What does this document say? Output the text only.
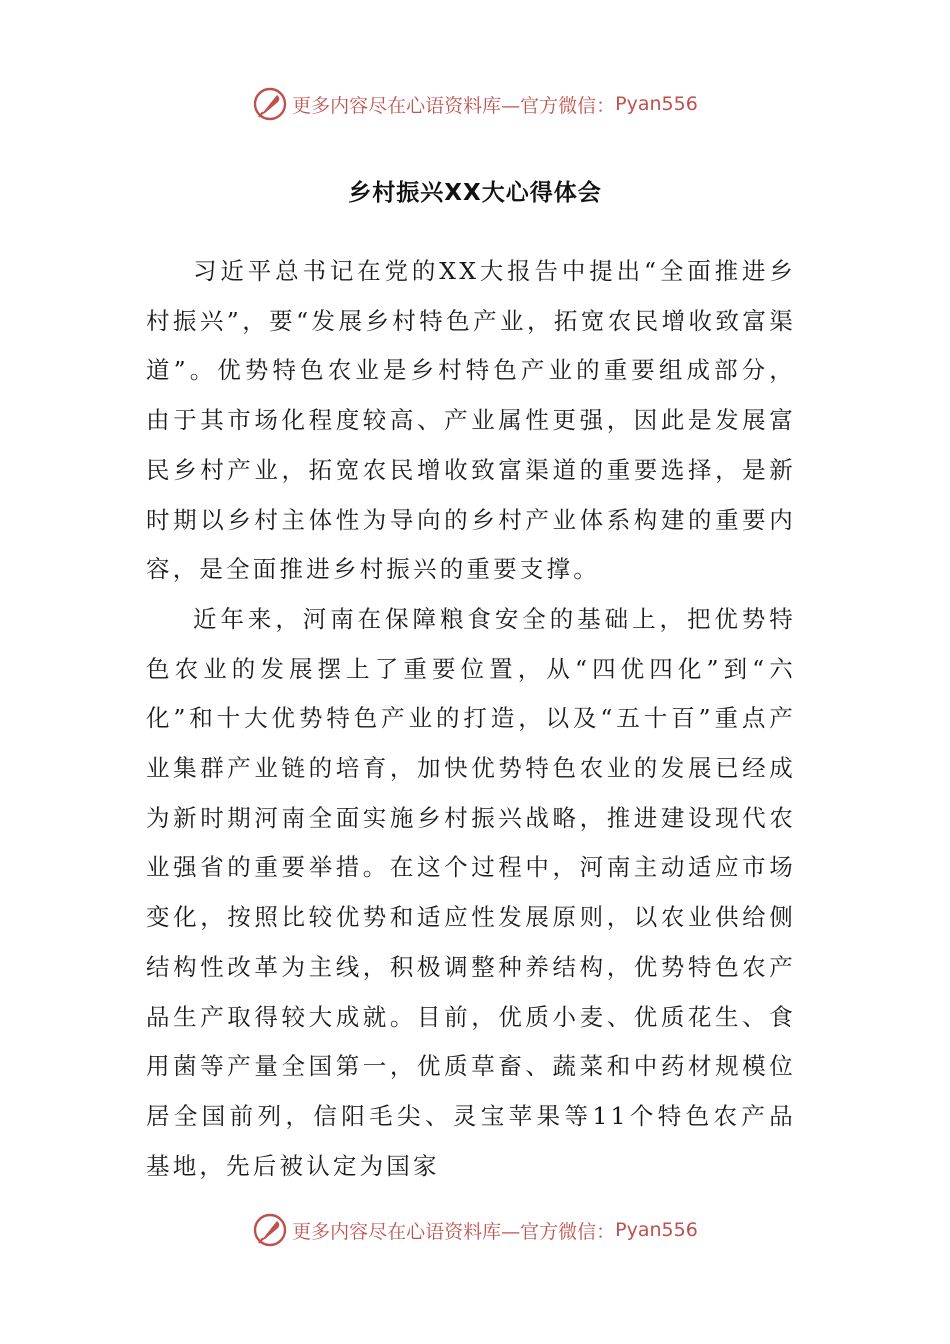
更多内容尽在心语资料库—官方微信： Pyan556
乡村振兴XX大心得体会

习近平总书记在党的XX大报告中提出“全面推进乡村振兴”，要“发展乡村特色产业，拓宽农民增收致富渠道”。优势特色农业是乡村特色产业的重要组成部分，由于其市场化程度较高、产业属性更强，因此是发展富民乡村产业，拓宽农民增收致富渠道的重要选择，是新时期以乡村主体性为导向的乡村产业体系构建的重要内容，是全面推进乡村振兴的重要支撑。

近年来，河南在保障粮食安全的基础上，把优势特色农业的发展摆上了重要位置，从“四优四化”到“六化”和十大优势特色产业的打造，以及“五十百”重点产业集群产业链的培育，加快优势特色农业的发展已经成为新时期河南全面实施乡村振兴战略，推进建设现代农业强省的重要举措。在这个过程中，河南主动适应市场变化，按照比较优势和适应性发展原则，以农业供给侧结构性改革为主线，积极调整种养结构，优势特色农产品生产取得较大成就。目前，优质小麦、优质花生、食用菌等产量全国第一，优质草畜、蔬菜和中药材规模位居全国前列，信阳毛尖、灵宝苹果等11个特色农产品基地，先后被认定为国家

更多内容尽在心语资料库—官方微信： Pyan556
